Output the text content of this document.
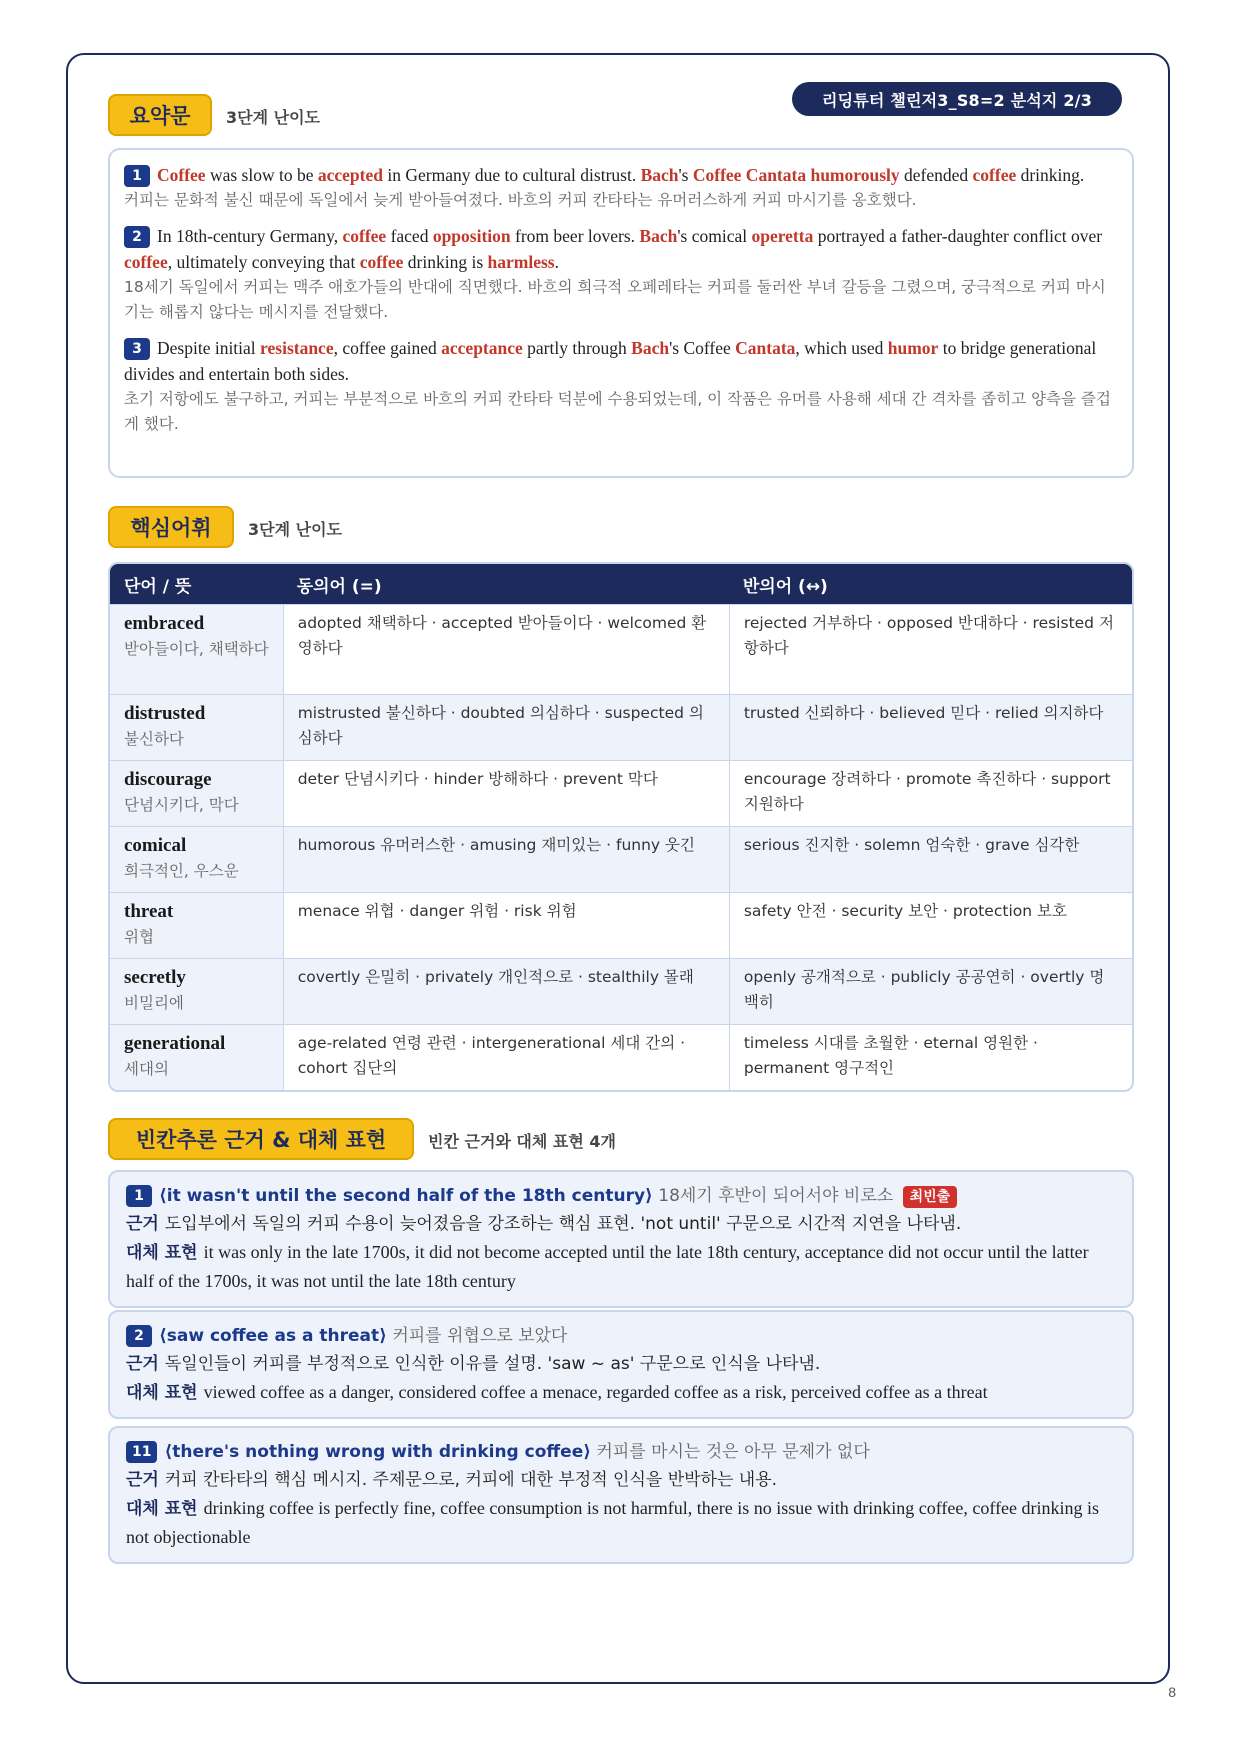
리딩튜터 챌린저3_S8=2 분석지 2/3
요약문	3단계 난이도
1 Coffee was slow to be accepted in Germany due to cultural distrust. Bach's Coffee Cantata humorously defended coffee drinking.
커피는 문화적 불신 때문에 독일에서 늦게 받아들여졌다. 바흐의 커피 칸타타는 유머러스하게 커피 마시기를 옹호했다.
2 In 18th-century Germany, coffee faced opposition from beer lovers. Bach's comical operetta portrayed a father-daughter conflict over coffee, ultimately conveying that coffee drinking is harmless.
18세기 독일에서 커피는 맥주 애호가들의 반대에 직면했다. 바흐의 희극적 오페레타는 커피를 둘러싼 부녀 갈등을 그렸으며, 궁극적으로 커피 마시기는 해롭지 않다는 메시지를 전달했다.
3 Despite initial resistance, coffee gained acceptance partly through Bach's Coffee Cantata, which used humor to bridge generational divides and entertain both sides.
초기 저항에도 불구하고, 커피는 부분적으로 바흐의 커피 칸타타 덕분에 수용되었는데, 이 작품은 유머를 사용해 세대 간 격차를 좁히고 양측을 즐겁게 했다.
핵심어휘	3단계 난이도
단어 / 뜻	동의어 (=)	반의어 (↔)

embraced
받아들이다, 채택하다	adopted 채택하다 · accepted 받아들이다 · welcomed 환영하다	rejected 거부하다 · opposed 반대하다 · resisted 저항하다

distrusted
불신하다	mistrusted 불신하다 · doubted 의심하다 · suspected 의심하다	trusted 신뢰하다 · believed 믿다 · relied 의지하다

discourage
단념시키다, 막다	deter 단념시키다 · hinder 방해하다 · prevent 막다	encourage 장려하다 · promote 촉진하다 · support 지원하다

comical
희극적인, 우스운	humorous 유머러스한 · amusing 재미있는 · funny 웃긴	serious 진지한 · solemn 엄숙한 · grave 심각한

threat
위협	menace 위협 · danger 위험 · risk 위험	safety 안전 · security 보안 · protection 보호

secretly
비밀리에	covertly 은밀히 · privately 개인적으로 · stealthily 몰래	openly 공개적으로 · publicly 공공연히 · overtly 명백히

generational
세대의	age-related 연령 관련 · intergenerational 세대 간의 · cohort 집단의	timeless 시대를 초월한 · eternal 영원한 · permanent 영구적인
빈칸추론 근거 & 대체 표현	빈칸 근거와 대체 표현 4개
1 ⟨it wasn't until the second half of the 18th century⟩ 18세기 후반이 되어서야 비로소 최빈출
근거 도입부에서 독일의 커피 수용이 늦어졌음을 강조하는 핵심 표현. 'not until' 구문으로 시간적 지연을 나타냄.
대체 표현 it was only in the late 1700s, it did not become accepted until the late 18th century, acceptance did not occur until the latter half of the 1700s, it was not until the late 18th century
2 ⟨saw coffee as a threat⟩ 커피를 위협으로 보았다
근거 독일인들이 커피를 부정적으로 인식한 이유를 설명. 'saw ~ as' 구문으로 인식을 나타냄.
대체 표현 viewed coffee as a danger, considered coffee a menace, regarded coffee as a risk, perceived coffee as a threat
11 ⟨there's nothing wrong with drinking coffee⟩ 커피를 마시는 것은 아무 문제가 없다
근거 커피 칸타타의 핵심 메시지. 주제문으로, 커피에 대한 부정적 인식을 반박하는 내용.
대체 표현 drinking coffee is perfectly fine, coffee consumption is not harmful, there is no issue with drinking coffee, coffee drinking is not objectionable
8
